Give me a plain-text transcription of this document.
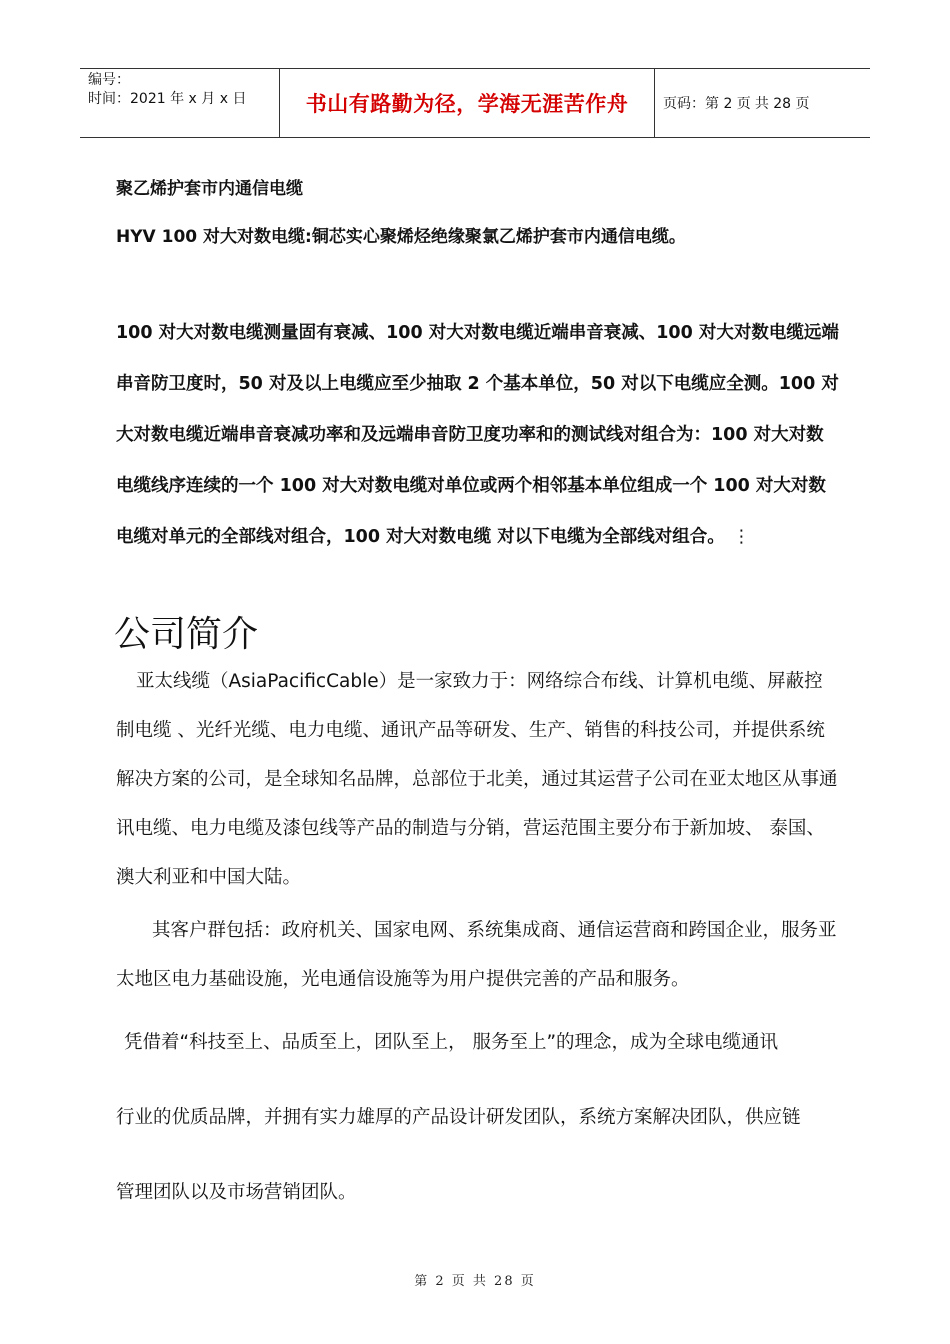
编号：
时间：2021 年 x 月 x 日	书山有路勤为径，学海无涯苦作舟	页码：第 2 页 共 28 页

聚乙烯护套市内通信电缆

HYV 100 对大对数电缆:铜芯实心聚烯烃绝缘聚氯乙烯护套市内通信电缆。

100 对大对数电缆测量固有衰减、100 对大对数电缆近端串音衰减、100 对大对数电缆远端串音防卫度时，50 对及以上电缆应至少抽取 2 个基本单位，50 对以下电缆应全测。100 对大对数电缆近端串音衰减功率和及远端串音防卫度功率和的测试线对组合为：100 对大对数电缆线序连续的一个 100 对大对数电缆对单位或两个相邻基本单位组成一个 100 对大对数电缆对单元的全部线对组合，100 对大对数电缆 对以下电缆为全部线对组合。 ⋮
公司简介

亚太线缆（AsiaPacificCable）是一家致力于：网络综合布线、计算机电缆、屏蔽控制电缆 、光纤光缆、电力电缆、通讯产品等研发、生产、销售的科技公司，并提供系统解决方案的公司，是全球知名品牌，总部位于北美，通过其运营子公司在亚太地区从事通讯电缆、电力电缆及漆包线等产品的制造与分销，营运范围主要分布于新加坡、 泰国、澳大利亚和中国大陆。

其客户群包括：政府机关、国家电网、系统集成商、通信运营商和跨国企业，服务亚太地区电力基础设施，光电通信设施等为用户提供完善的产品和服务。

凭借着“科技至上、品质至上，团队至上， 服务至上”的理念，成为全球电缆通讯

行业的优质品牌，并拥有实力雄厚的产品设计研发团队，系统方案解决团队，供应链

管理团队以及市场营销团队。

第 2 页 共 28 页
